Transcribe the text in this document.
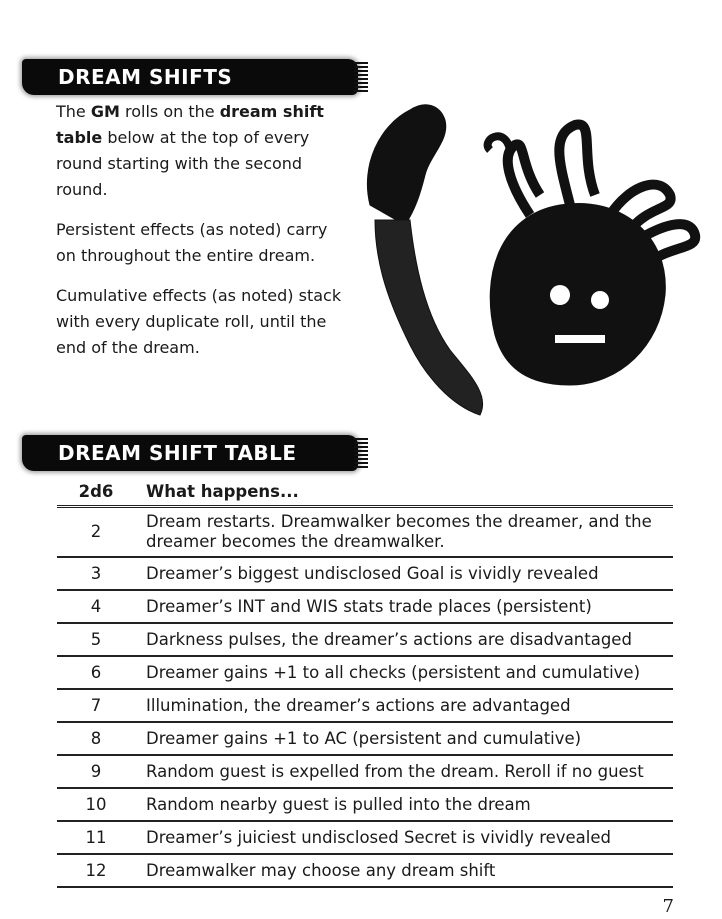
DREAM SHIFTS

The GM rolls on the dream shift table below at the top of every round starting with the second round.

Persistent effects (as noted) carry on throughout the entire dream.

Cumulative effects (as noted) stack with every duplicate roll, until the end of the dream.

DREAM SHIFT TABLE
2d6	What happens...
2	Dream restarts. Dreamwalker becomes the dreamer, and the dreamer becomes the dreamwalker.
3	Dreamer’s biggest undisclosed Goal is vividly revealed
4	Dreamer’s INT and WIS stats trade places (persistent)
5	Darkness pulses, the dreamer’s actions are disadvantaged
6	Dreamer gains +1 to all checks (persistent and cumulative)
7	Illumination, the dreamer’s actions are advantaged
8	Dreamer gains +1 to AC (persistent and cumulative)
9	Random guest is expelled from the dream. Reroll if no guest
10	Random nearby guest is pulled into the dream
11	Dreamer’s juiciest undisclosed Secret is vividly revealed
12	Dreamwalker may choose any dream shift
7
